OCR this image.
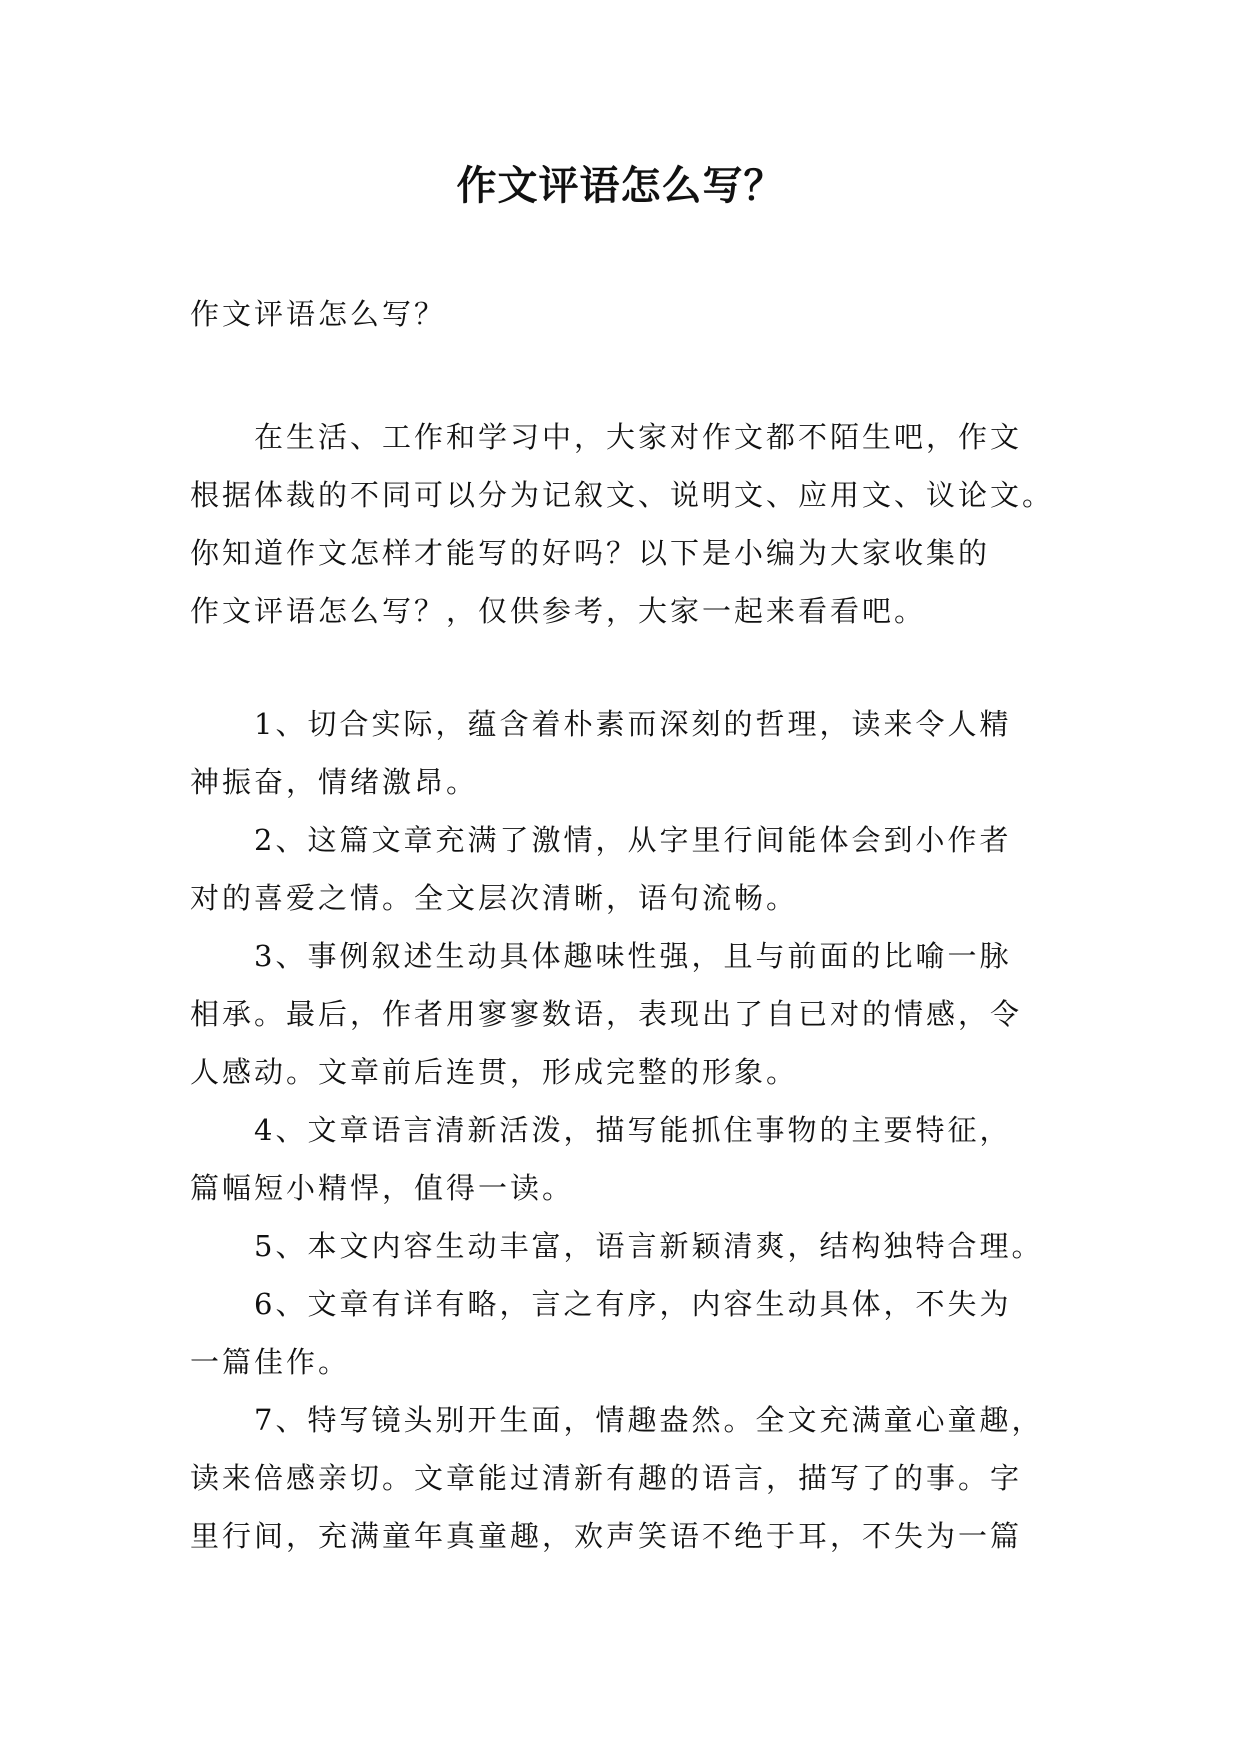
作文评语怎么写？
作文评语怎么写？
　　在生活、工作和学习中，大家对作文都不陌生吧，作文
根据体裁的不同可以分为记叙文、说明文、应用文、议论文。
你知道作文怎样才能写的好吗？以下是小编为大家收集的
作文评语怎么写？，仅供参考，大家一起来看看吧。
　　1、切合实际，蕴含着朴素而深刻的哲理，读来令人精
神振奋，情绪激昂。
　　2、这篇文章充满了激情，从字里行间能体会到小作者
对的喜爱之情。全文层次清晰，语句流畅。
　　3、事例叙述生动具体趣味性强，且与前面的比喻一脉
相承。最后，作者用寥寥数语，表现出了自已对的情感，令
人感动。文章前后连贯，形成完整的形象。
　　4、文章语言清新活泼，描写能抓住事物的主要特征，
篇幅短小精悍，值得一读。
　　5、本文内容生动丰富，语言新颖清爽，结构独特合理。
　　6、文章有详有略，言之有序，内容生动具体，不失为
一篇佳作。
　　7、特写镜头别开生面，情趣盎然。全文充满童心童趣，
读来倍感亲切。文章能过清新有趣的语言，描写了的事。字
里行间，充满童年真童趣，欢声笑语不绝于耳，不失为一篇
